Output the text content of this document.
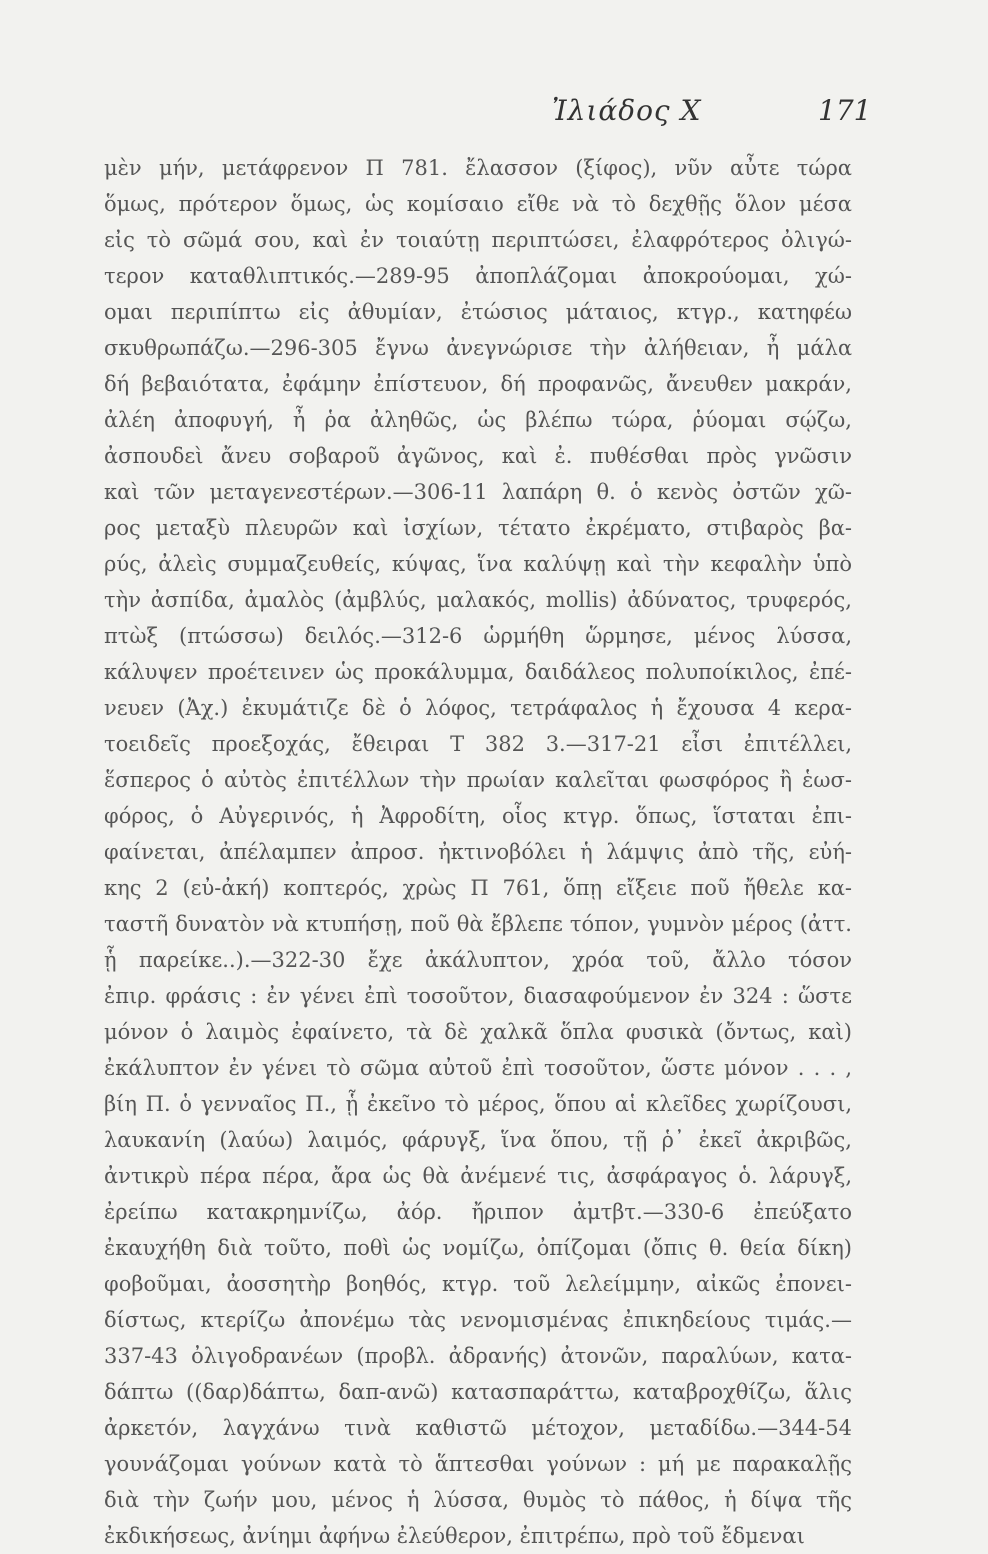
Ἰλιάδος X	171
μὲν μήν, μετάφρενον Π 781. ἔλασσον (ξίφος), νῦν αὖτε τώρα
ὅμως, πρότερον ὅμως, ὡς κομίσαιο εἴθε νὰ τὸ δεχθῇς ὅλον μέσα
εἰς τὸ σῶμά σου, καὶ ἐν τοιαύτῃ περιπτώσει, ἐλαφρότερος ὀλιγώ-
τερον καταθλιπτικός.—289-95 ἀποπλάζομαι ἀποκρούομαι, χώ-
ομαι περιπίπτω εἰς ἀθυμίαν, ἐτώσιος μάταιος, κτγρ., κατηφέω
σκυθρωπάζω.—296-305 ἔγνω ἀνεγνώρισε τὴν ἀλήθειαν, ἦ μάλα
δή βεβαιότατα, ἐφάμην ἐπίστευον, δή προφανῶς, ἄνευθεν μακράν,
ἀλέη ἀποφυγή, ἦ ῥα ἀληθῶς, ὡς βλέπω τώρα, ῥύομαι σῴζω,
ἀσπουδεὶ ἄνευ σοβαροῦ ἀγῶνος, καὶ ἐ. πυθέσθαι πρὸς γνῶσιν
καὶ τῶν μεταγενεστέρων.—306-11 λαπάρη θ. ὁ κενὸς ὀστῶν χῶ-
ρος μεταξὺ πλευρῶν καὶ ἰσχίων, τέτατο ἐκρέματο, στιβαρὸς βα-
ρύς, ἀλεὶς συμμαζευθείς, κύψας, ἵνα καλύψῃ καὶ τὴν κεφαλὴν ὑπὸ
τὴν ἀσπίδα, ἀμαλὸς (ἀμβλύς, μαλακός, mollis) ἀδύνατος, τρυφερός,
πτὼξ (πτώσσω) δειλός.—312-6 ὡρμήθη ὥρμησε, μένος λύσσα,
κάλυψεν προέτεινεν ὡς προκάλυμμα, δαιδάλεος πολυποίκιλος, ἐπέ-
νευεν (Ἀχ.) ἐκυμάτιζε δὲ ὁ λόφος, τετράφαλος ἡ ἔχουσα 4 κερα-
τοειδεῖς προεξοχάς, ἔθειραι Τ 382 3.—317-21 εἶσι ἐπιτέλλει,
ἕσπερος ὁ αὐτὸς ἐπιτέλλων τὴν πρωίαν καλεῖται φωσφόρος ἢ ἑωσ-
φόρος, ὁ Αὐγερινός, ἡ Ἀφροδίτη, οἷος κτγρ. ὅπως, ἵσταται ἐπι-
φαίνεται, ἀπέλαμπεν ἀπροσ. ἠκτινοβόλει ἡ λάμψις ἀπὸ τῆς, εὐή-
κης 2 (εὐ-ἀκή) κοπτερός, χρὼς Π 761, ὅπῃ εἴξειε ποῦ ἤθελε κα-
ταστῆ δυνατὸν νὰ κτυπήσῃ, ποῦ θὰ ἔβλεπε τόπον, γυμνὸν μέρος (ἀττ.
ᾗ παρείκε..).—322-30 ἔχε ἀκάλυπτον, χρόα τοῦ, ἄλλο τόσον
ἐπιρ. φράσις : ἐν γένει ἐπὶ τοσοῦτον, διασαφούμενον ἐν 324 : ὥστε
μόνον ὁ λαιμὸς ἐφαίνετο, τὰ δὲ χαλκᾶ ὅπλα φυσικὰ (ὄντως, καὶ)
ἐκάλυπτον ἐν γένει τὸ σῶμα αὐτοῦ ἐπὶ τοσοῦτον, ὥστε μόνον . . . ,
βίη Π. ὁ γενναῖος Π., ᾗ ἐκεῖνο τὸ μέρος, ὅπου αἱ κλεῖδες χωρίζουσι,
λαυκανίη (λαύω) λαιμός, φάρυγξ, ἵνα ὅπου, τῇ ῥ᾽ ἐκεῖ ἀκριβῶς,
ἀντικρὺ πέρα πέρα, ἄρα ὡς θὰ ἀνέμενέ τις, ἀσφάραγος ὁ. λάρυγξ,
ἐρείπω κατακρημνίζω, ἀόρ. ἤριπον ἀμτβτ.—330-6 ἐπεύξατο
ἐκαυχήθη διὰ τοῦτο, ποθὶ ὡς νομίζω, ὀπίζομαι (ὄπις θ. θεία δίκη)
φοβοῦμαι, ἀοσσητὴρ βοηθός, κτγρ. τοῦ λελείμμην, αἰκῶς ἐπονει-
δίστως, κτερίζω ἀπονέμω τὰς νενομισμένας ἐπικηδείους τιμάς.—
337-43 ὀλιγοδρανέων (προβλ. ἀδρανής) ἀτονῶν, παραλύων, κατα-
δάπτω ((δαρ)δάπτω, δαπ-ανῶ) κατασπαράττω, καταβροχθίζω, ἅλις
ἀρκετόν, λαγχάνω τινὰ καθιστῶ μέτοχον, μεταδίδω.—344-54
γουνάζομαι γούνων κατὰ τὸ ἅπτεσθαι γούνων : μή με παρακαλῇς
διὰ τὴν ζωήν μου, μένος ἡ λύσσα, θυμὸς τὸ πάθος, ἡ δίψα τῆς
ἐκδικήσεως, ἀνίημι ἀφήνω ἐλεύθερον, ἐπιτρέπω, πρὸ τοῦ ἔδμεναι
